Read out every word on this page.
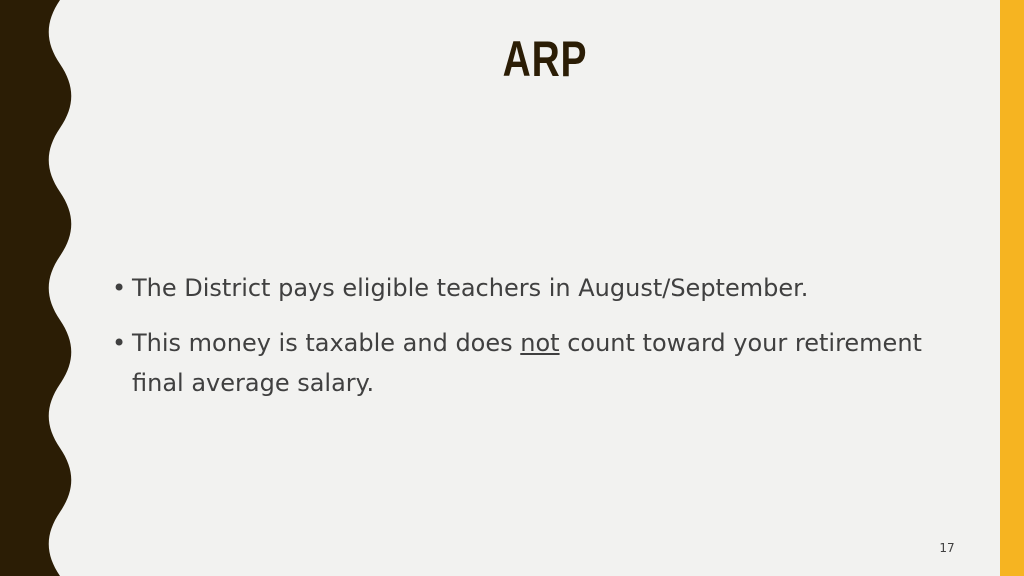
ARP
• The District pays eligible teachers in August/September.
• This money is taxable and does not count toward your retirement final average salary.
17
